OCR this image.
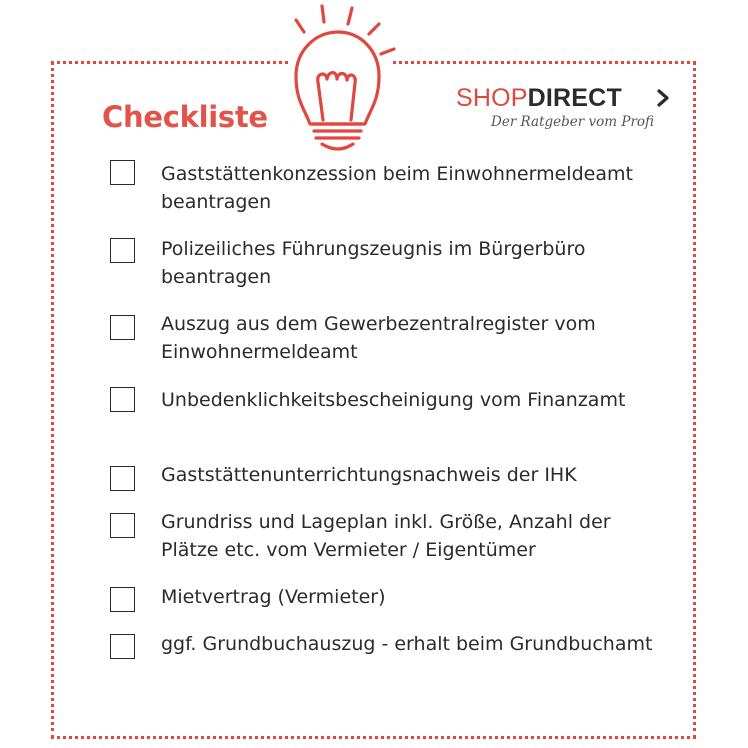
Checkliste
SHOPDIRECT
Der Ratgeber vom Profi
Gaststättenkonzession beim Einwohnermeldeamt beantragen
Polizeiliches Führungszeugnis im Bürgerbüro beantragen
Auszug aus dem Gewerbezentralregister vom Einwohnermeldeamt
Unbedenklichkeitsbescheinigung vom Finanzamt
Gaststättenunterrichtungsnachweis der IHK
Grundriss und Lageplan inkl. Größe, Anzahl der Plätze etc. vom Vermieter / Eigentümer
Mietvertrag (Vermieter)
ggf. Grundbuchauszug - erhalt beim Grundbuchamt
